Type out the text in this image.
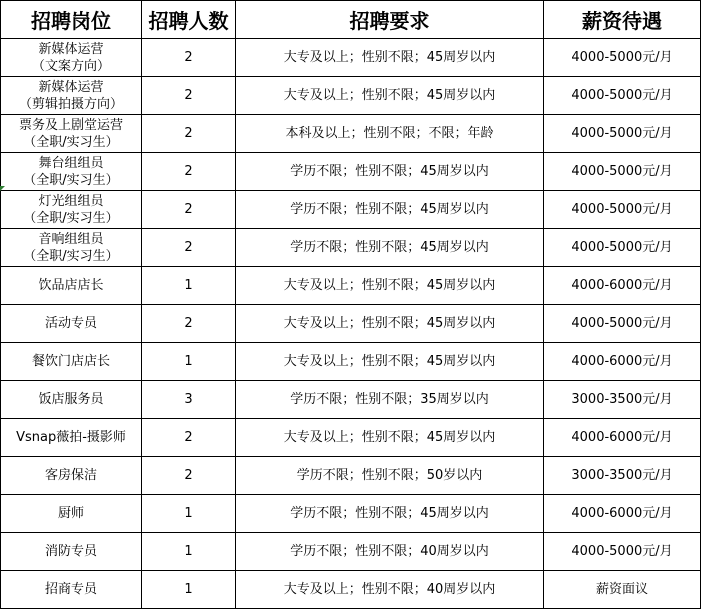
招聘岗位	招聘人数	招聘要求	薪资待遇

新媒体运营
（文案方向）	2	大专及以上；性别不限；45周岁以内	4000-5000元/月

新媒体运营
（剪辑拍摄方向）	2	大专及以上；性别不限；45周岁以内	4000-5000元/月

票务及上剧堂运营
（全职/实习生）	2	本科及以上；性别不限；不限；年龄	4000-5000元/月

舞台组组员
（全职/实习生）	2	学历不限；性别不限；45周岁以内	4000-5000元/月

灯光组组员
（全职/实习生）	2	学历不限；性别不限；45周岁以内	4000-5000元/月

音响组组员
（全职/实习生）	2	学历不限；性别不限；45周岁以内	4000-5000元/月

饮品店店长	1	大专及以上；性别不限；45周岁以内	4000-6000元/月

活动专员	2	大专及以上；性别不限；45周岁以内	4000-5000元/月

餐饮门店店长	1	大专及以上；性别不限；45周岁以内	4000-6000元/月

饭店服务员	3	学历不限；性别不限；35周岁以内	3000-3500元/月

Vsnap薇拍-摄影师	2	大专及以上；性别不限；45周岁以内	4000-6000元/月

客房保洁	2	学历不限；性别不限；50岁以内	3000-3500元/月

厨师	1	学历不限；性别不限；45周岁以内	4000-6000元/月

消防专员	1	学历不限；性别不限；40周岁以内	4000-5000元/月

招商专员	1	大专及以上；性别不限；40周岁以内	薪资面议
